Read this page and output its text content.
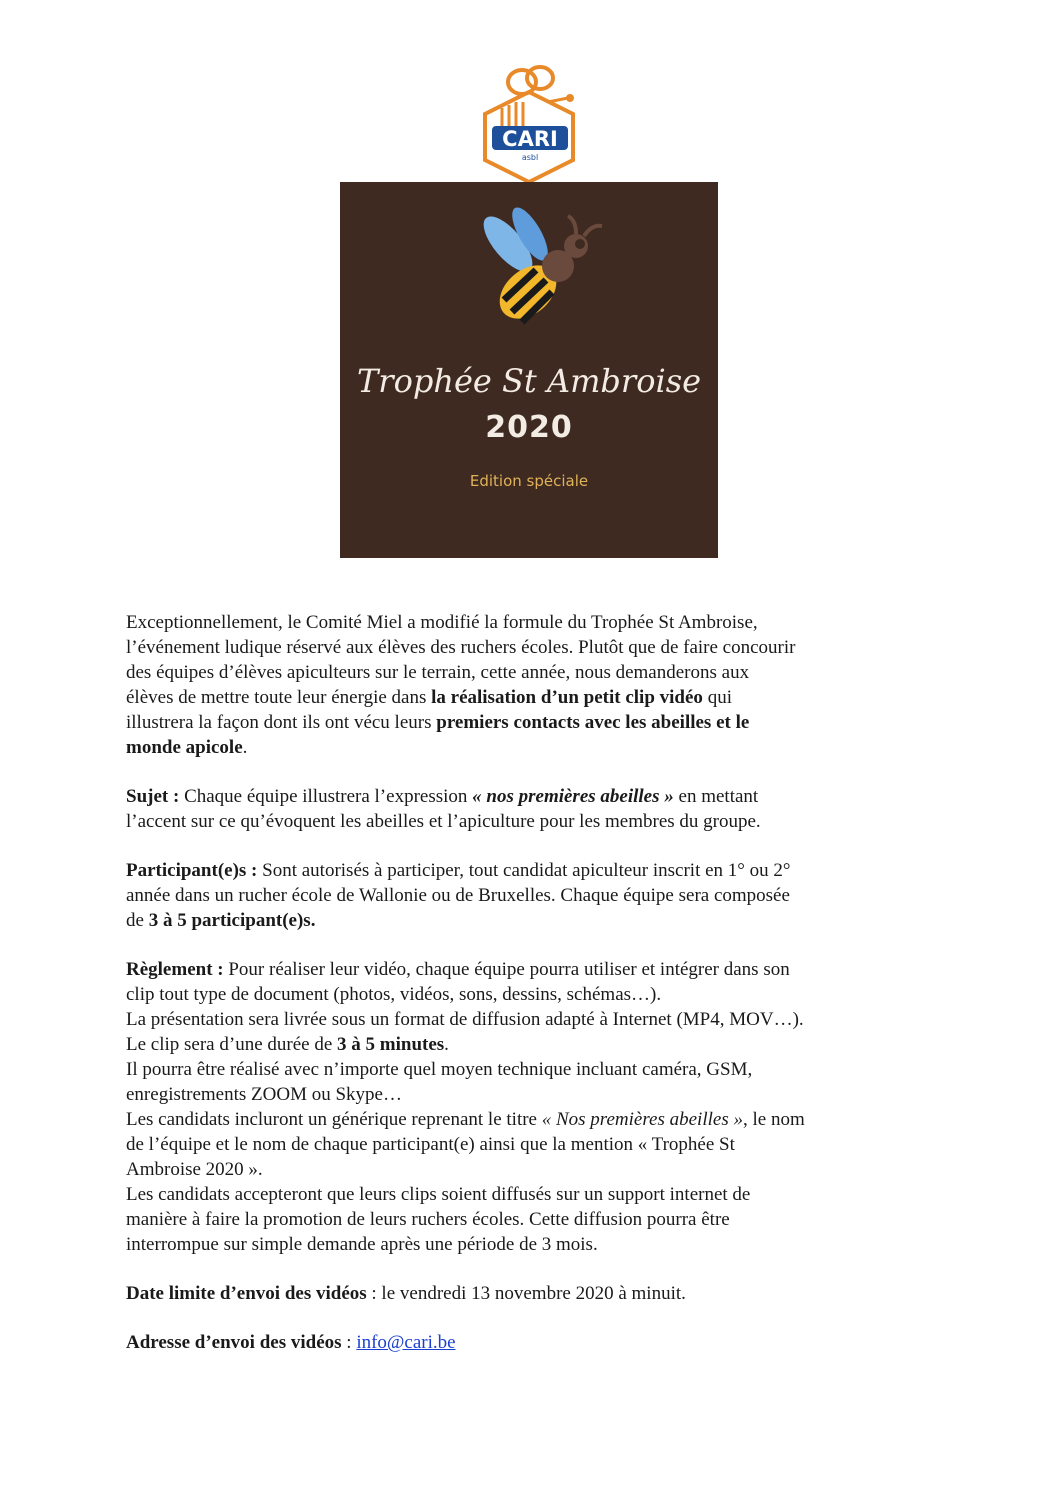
CARI
asbl
Trophée St Ambroise
2020
Edition spéciale

Exceptionnellement, le Comité Miel a modifié la formule du Trophée St Ambroise,
l’événement ludique réservé aux élèves des ruchers écoles. Plutôt que de faire concourir
des équipes d’élèves apiculteurs sur le terrain, cette année, nous demanderons aux
élèves de mettre toute leur énergie dans la réalisation d’un petit clip vidéo qui
illustrera la façon dont ils ont vécu leurs premiers contacts avec les abeilles et le
monde apicole.

Sujet : Chaque équipe illustrera l’expression « nos premières abeilles » en mettant
l’accent sur ce qu’évoquent les abeilles et l’apiculture pour les membres du groupe.

Participant(e)s : Sont autorisés à participer, tout candidat apiculteur inscrit en 1° ou 2°
année dans un rucher école de Wallonie ou de Bruxelles. Chaque équipe sera composée
de 3 à 5 participant(e)s.

Règlement : Pour réaliser leur vidéo, chaque équipe pourra utiliser et intégrer dans son
clip tout type de document (photos, vidéos, sons, dessins, schémas…).
La présentation sera livrée sous un format de diffusion adapté à Internet (MP4, MOV…).
Le clip sera d’une durée de 3 à 5 minutes.
Il pourra être réalisé avec n’importe quel moyen technique incluant caméra, GSM,
enregistrements ZOOM ou Skype…
Les candidats incluront un générique reprenant le titre « Nos premières abeilles », le nom
de l’équipe et le nom de chaque participant(e) ainsi que la mention « Trophée St
Ambroise 2020 ».
Les candidats accepteront que leurs clips soient diffusés sur un support internet de
manière à faire la promotion de leurs ruchers écoles. Cette diffusion pourra être
interrompue sur simple demande après une période de 3 mois.

Date limite d’envoi des vidéos : le vendredi 13 novembre 2020 à minuit.

Adresse d’envoi des vidéos : info@cari.be
